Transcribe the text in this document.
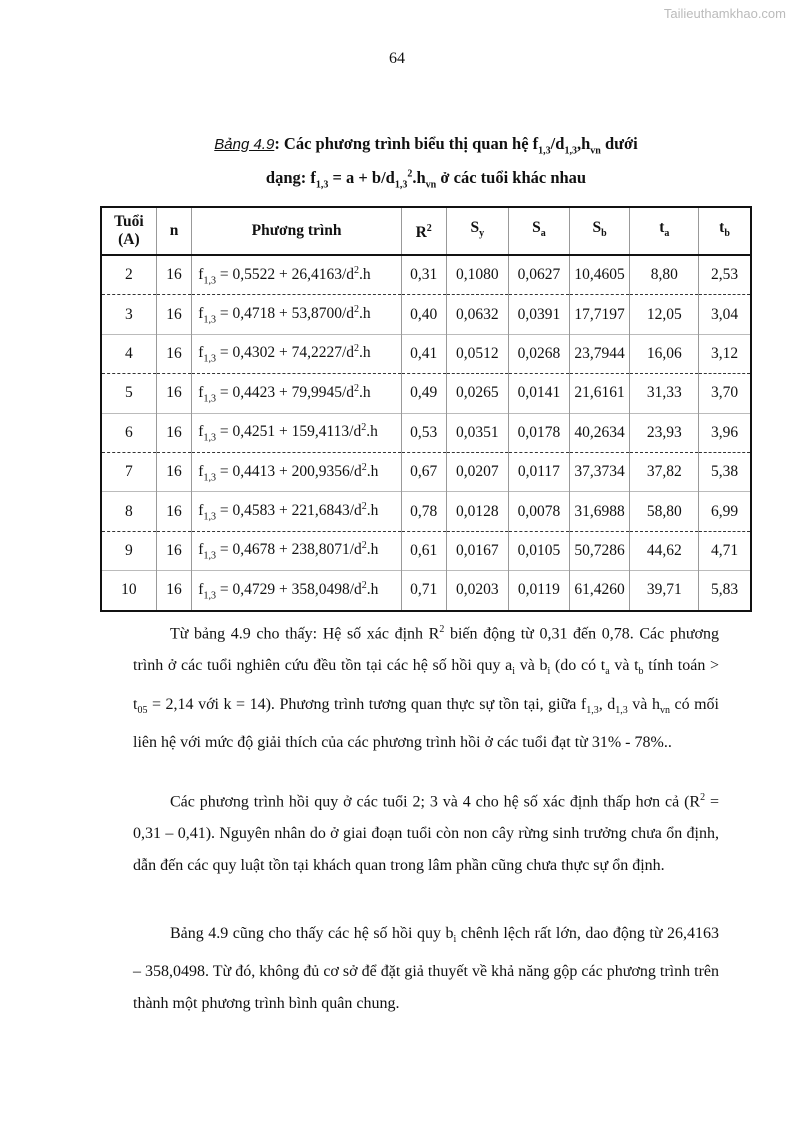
Tailieuthamkhao.com
64
Bảng 4.9: Các phương trình biểu thị quan hệ $f_{1,3}/d_{1,3},h_{vn}$ dưới
dạng: $f_{1,3} = a + b/d_{1,3}^2.h_{vn}$ ở các tuổi khác nhau
Tuổi (A)	n	Phương trình	$R^2$	$S_y$	$S_a$	$S_b$	$t_a$	$t_b$
2	16	$f_{1,3} = 0,5522 + 26,4163/d^2.h$	0,31	0,1080	0,0627	10,4605	8,80	2,53
3	16	$f_{1,3} = 0,4718 + 53,8700/d^2.h$	0,40	0,0632	0,0391	17,7197	12,05	3,04
4	16	$f_{1,3} = 0,4302 + 74,2227/d^2.h$	0,41	0,0512	0,0268	23,7944	16,06	3,12
5	16	$f_{1,3} = 0,4423 + 79,9945/d^2.h$	0,49	0,0265	0,0141	21,6161	31,33	3,70
6	16	$f_{1,3} = 0,4251 + 159,4113/d^2.h$	0,53	0,0351	0,0178	40,2634	23,93	3,96
7	16	$f_{1,3} = 0,4413 + 200,9356/d^2.h$	0,67	0,0207	0,0117	37,3734	37,82	5,38
8	16	$f_{1,3} = 0,4583 + 221,6843/d^2.h$	0,78	0,0128	0,0078	31,6988	58,80	6,99
9	16	$f_{1,3} = 0,4678 + 238,8071/d^2.h$	0,61	0,0167	0,0105	50,7286	44,62	4,71
10	16	$f_{1,3} = 0,4729 + 358,0498/d^2.h$	0,71	0,0203	0,0119	61,4260	39,71	5,83
Từ bảng 4.9 cho thấy: Hệ số xác định $R^2$ biến động từ 0,31 đến 0,78. Các phương trình ở các tuổi nghiên cứu đều tồn tại các hệ số hồi quy $a_i$ và $b_i$ (do có $t_a$ và $t_b$ tính toán > $t_{05} = 2,14$ với k = 14). Phương trình tương quan thực sự tồn tại, giữa $f_{1,3}$, $d_{1,3}$ và $h_{vn}$ có mối liên hệ với mức độ giải thích của các phương trình hồi ở các tuổi đạt từ 31% - 78%..
Các phương trình hồi quy ở các tuổi 2; 3 và 4 cho hệ số xác định thấp hơn cả $(R^2 = 0,31 - 0,41)$. Nguyên nhân do ở giai đoạn tuổi còn non cây rừng sinh trưởng chưa ổn định, dẫn đến các quy luật tồn tại khách quan trong lâm phần cũng chưa thực sự ổn định.
Bảng 4.9 cũng cho thấy các hệ số hồi quy $b_i$ chênh lệch rất lớn, dao động từ 26,4163 – 358,0498. Từ đó, không đủ cơ sở để đặt giả thuyết về khả năng gộp các phương trình trên thành một phương trình bình quân chung.
